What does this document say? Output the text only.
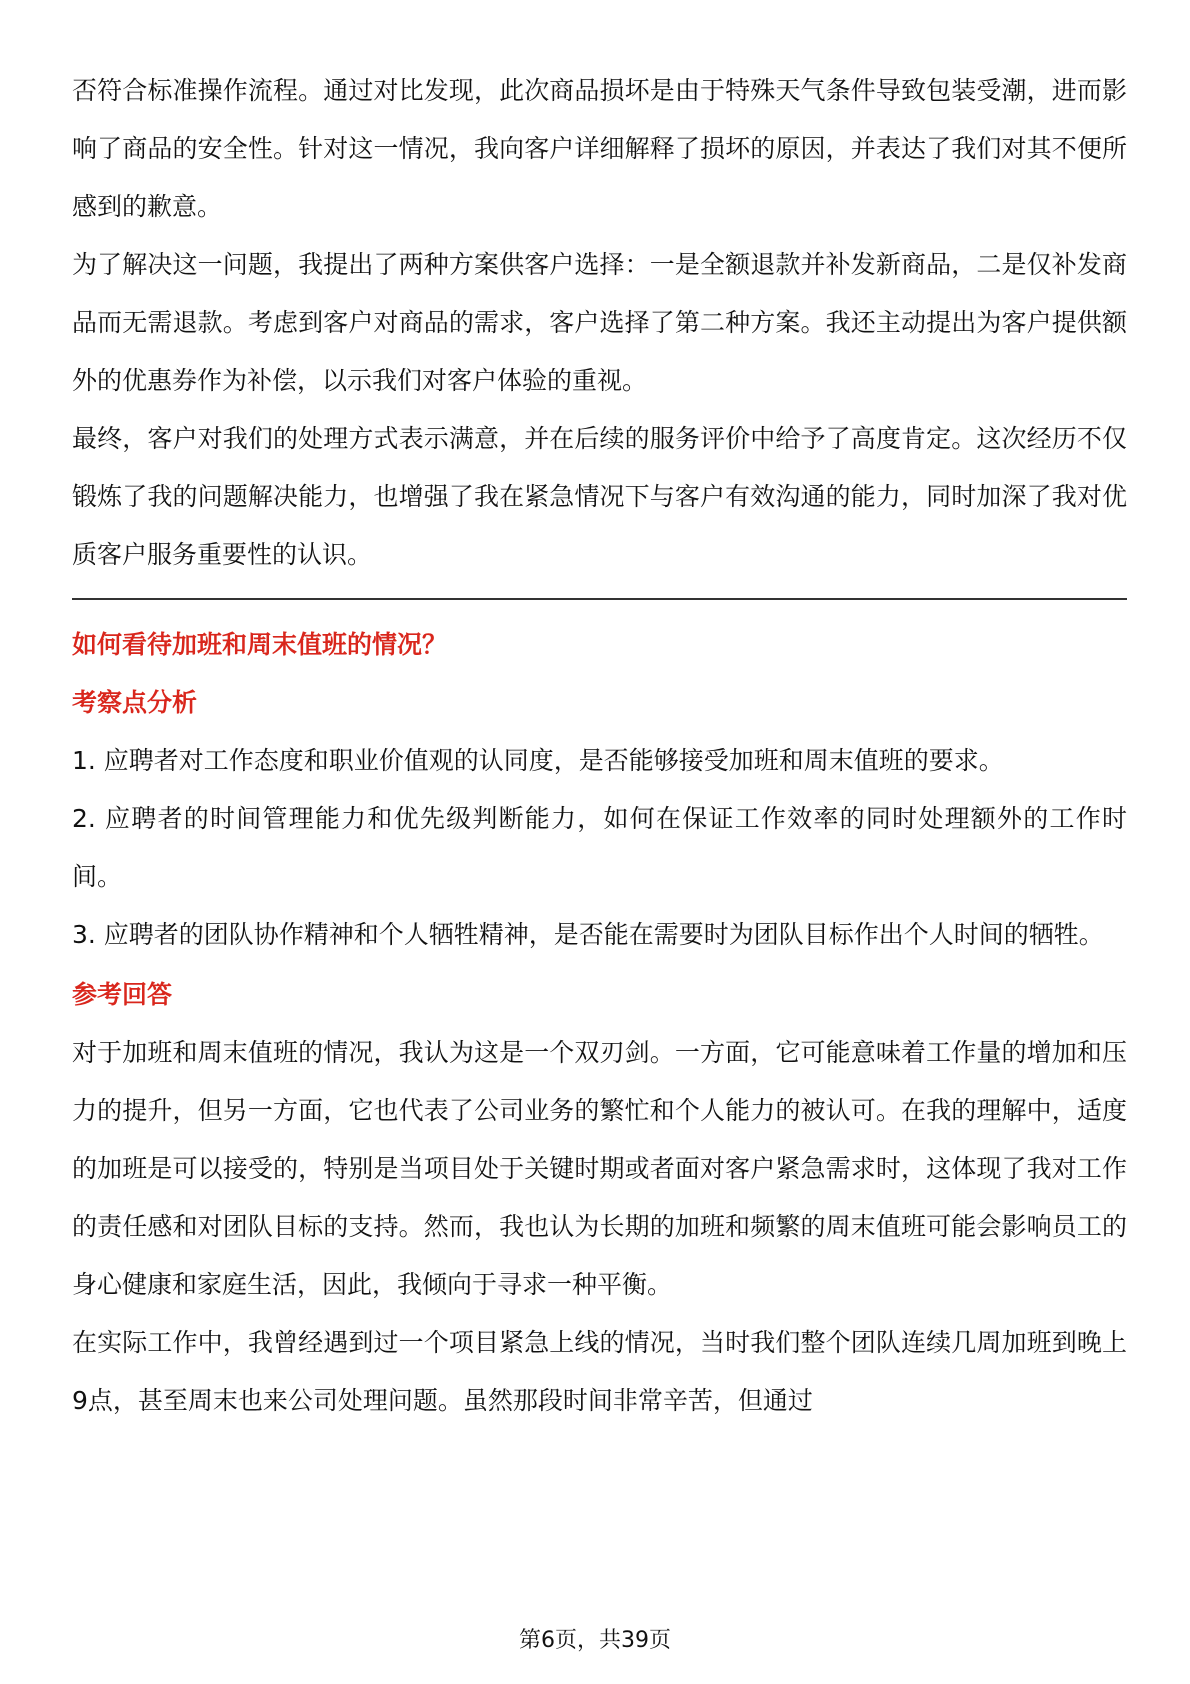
否符合标准操作流程。通过对比发现，此次商品损坏是由于特殊天气条件导致包装受潮，进而影响了商品的安全性。针对这一情况，我向客户详细解释了损坏的原因，并表达了我们对其不便所感到的歉意。

为了解决这一问题，我提出了两种方案供客户选择：一是全额退款并补发新商品，二是仅补发商品而无需退款。考虑到客户对商品的需求，客户选择了第二种方案。我还主动提出为客户提供额外的优惠券作为补偿，以示我们对客户体验的重视。

最终，客户对我们的处理方式表示满意，并在后续的服务评价中给予了高度肯定。这次经历不仅锻炼了我的问题解决能力，也增强了我在紧急情况下与客户有效沟通的能力，同时加深了我对优质客户服务重要性的认识。

如何看待加班和周末值班的情况？
考察点分析

1. 应聘者对工作态度和职业价值观的认同度，是否能够接受加班和周末值班的要求。

2. 应聘者的时间管理能力和优先级判断能力，如何在保证工作效率的同时处理额外的工作时间。

3. 应聘者的团队协作精神和个人牺牲精神，是否能在需要时为团队目标作出个人时间的牺牲。

参考回答

对于加班和周末值班的情况，我认为这是一个双刃剑。一方面，它可能意味着工作量的增加和压力的提升，但另一方面，它也代表了公司业务的繁忙和个人能力的被认可。在我的理解中，适度的加班是可以接受的，特别是当项目处于关键时期或者面对客户紧急需求时，这体现了我对工作的责任感和对团队目标的支持。然而，我也认为长期的加班和频繁的周末值班可能会影响员工的身心健康和家庭生活，因此，我倾向于寻求一种平衡。

在实际工作中，我曾经遇到过一个项目紧急上线的情况，当时我们整个团队连续几周加班到晚上9点，甚至周末也来公司处理问题。虽然那段时间非常辛苦，但通过

第6页，共39页
